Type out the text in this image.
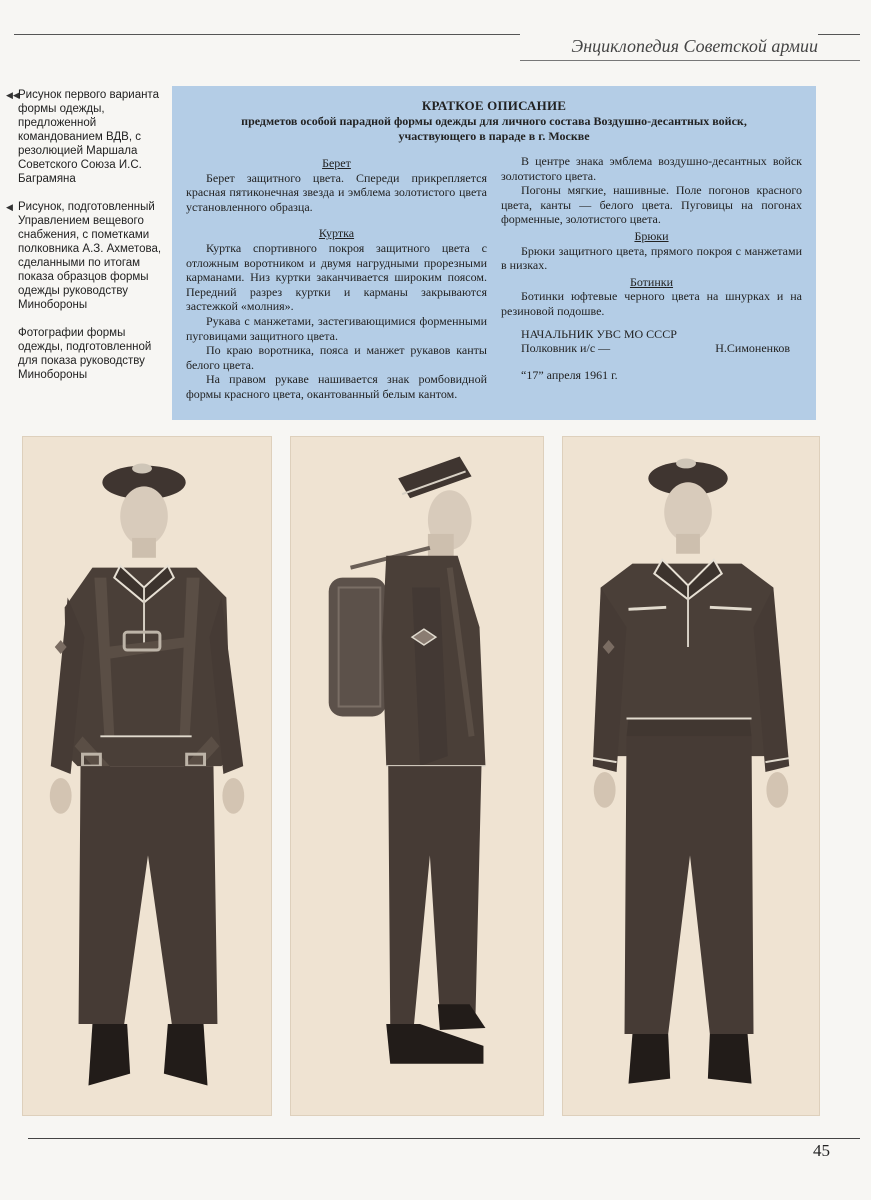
Энциклопедия Советской армии
◀◀
Рисунок первого варианта формы одежды, предложенной командованием ВДВ, с резолюцией Маршала Советского Союза И.С. Баграмяна
◀ Рисунок, подготовленный Управлением вещевого снабжения, с пометками полковника А.З. Ахметова, сделанными по итогам показа образцов формы одежды руководству Минобороны
Фотографии формы одежды, подготовленной для показа руководству Минобороны
КРАТКОЕ ОПИСАНИЕ
предметов особой парадной формы одежды для личного состава Воздушно-десантных войск, участвующего в параде в г. Москве
Берет
Берет защитного цвета. Спереди прикрепляется красная пятиконечная звезда и эмблема золотистого цвета установленного образца.
Куртка
Куртка спортивного покроя защитного цвета с отложным воротником и двумя нагрудными прорезными карманами. Низ куртки заканчивается широким поясом. Передний разрез куртки и карманы закрываются застежкой «молния».
Рукава с манжетами, застегивающимися форменными пуговицами защитного цвета.
По краю воротника, пояса и манжет рукавов канты белого цвета.
На правом рукаве нашивается знак ромбовидной формы красного цвета, окантованный белым кантом.
В центре знака эмблема воздушно-десантных войск золотистого цвета.
Погоны мягкие, нашивные. Поле погонов красного цвета, канты — белого цвета. Пуговицы на погонах форменные, золотистого цвета.
Брюки
Брюки защитного цвета, прямого покроя с манжетами в низках.
Ботинки
Ботинки юфтевые черного цвета на шнурках и на резиновой подошве.
НАЧАЛЬНИК УВС МО СССР
Полковник и/с —	Н.Симоненков
“17” апреля 1961 г.
45
